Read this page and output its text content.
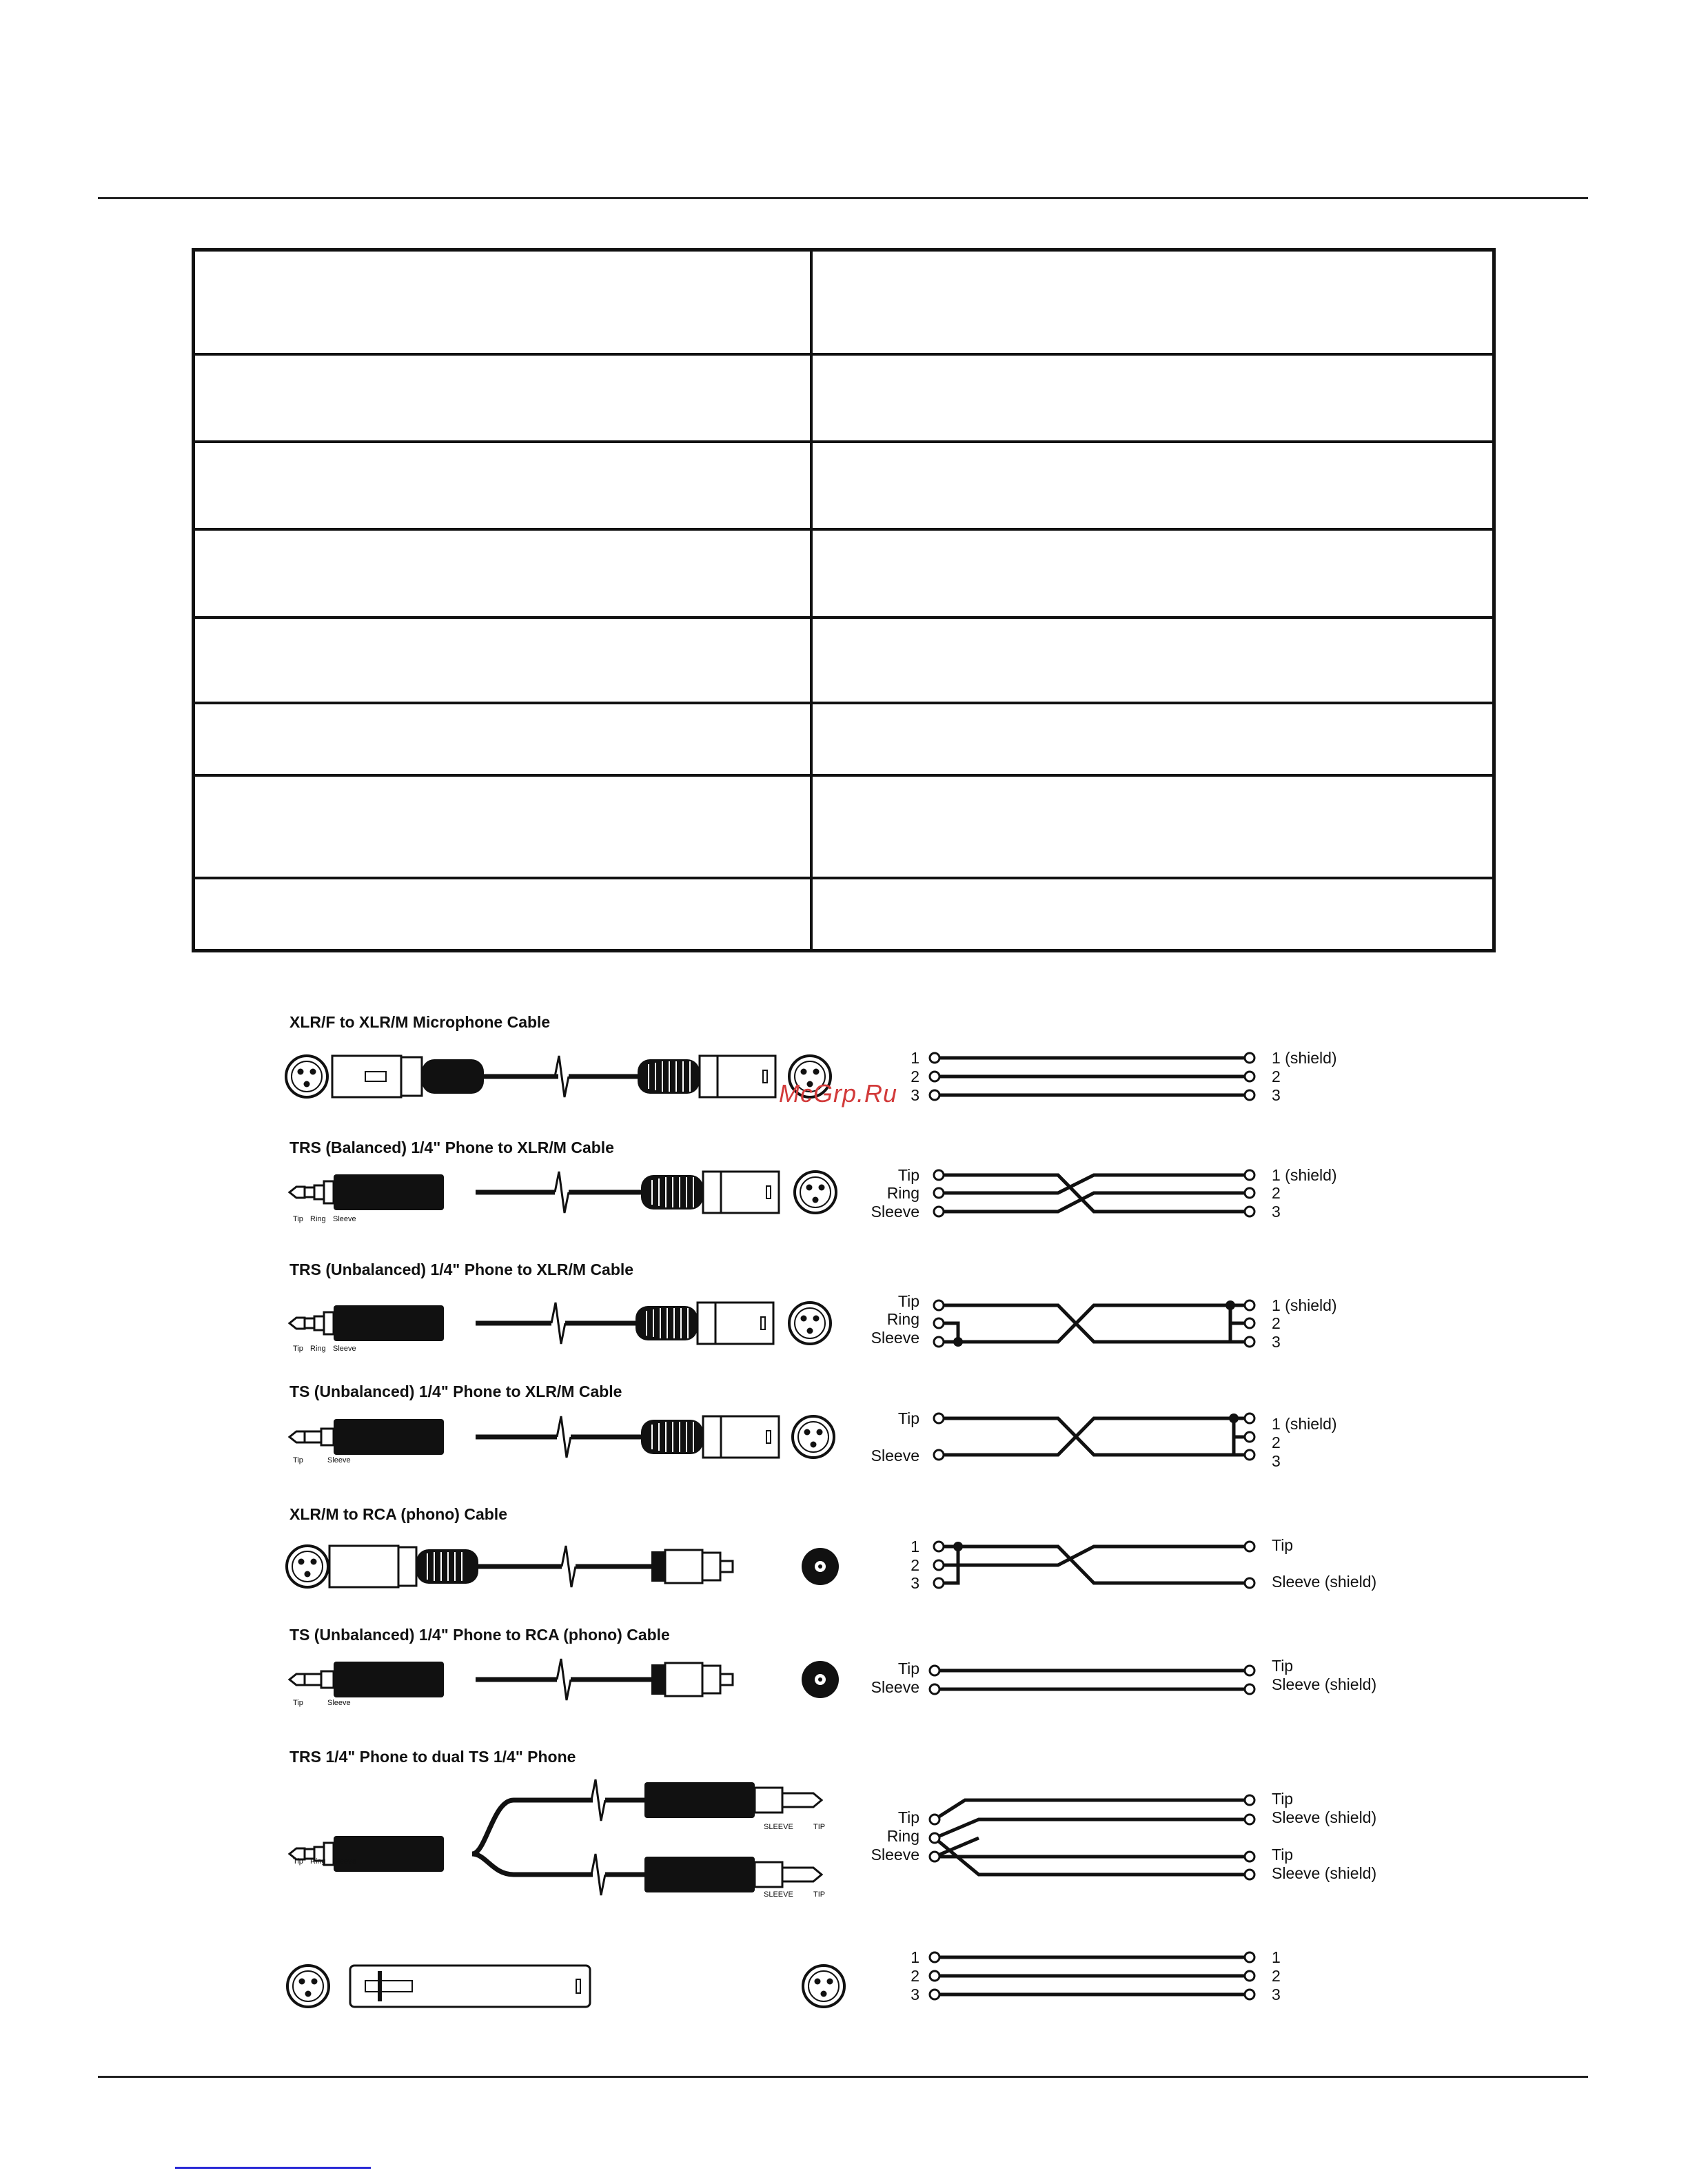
XLR/F to XLR/M Microphone Cable
TRS (Balanced) 1/4" Phone to XLR/M Cable
TRS (Unbalanced) 1/4" Phone to XLR/M Cable
TS (Unbalanced) 1/4" Phone to XLR/M Cable
XLR/M to RCA (phono) Cable
TS (Unbalanced) 1/4" Phone to RCA (phono) Cable
TRS 1/4" Phone to dual TS 1/4" Phone
Tip Ring Sleeve
Tip Ring Sleeve
Tip	Sleeve
Tip	Sleeve
Tip Ring Sleeve
SLEEVE	TIP
SLEEVE	TIP
1
2
3
Tip
Ring
Sleeve
Tip
Ring
Sleeve
Tip
Sleeve
1
2
3
Tip
Sleeve
Tip
Ring
Sleeve
1
2
3
1 (shield)
2
3
1 (shield)
2
3
1 (shield)
2
3
1 (shield)
2
3
Tip
Sleeve (shield)
Tip
Sleeve (shield)
Tip
Sleeve (shield)
Tip
Sleeve (shield)
1
2
3
McGrp.Ru
